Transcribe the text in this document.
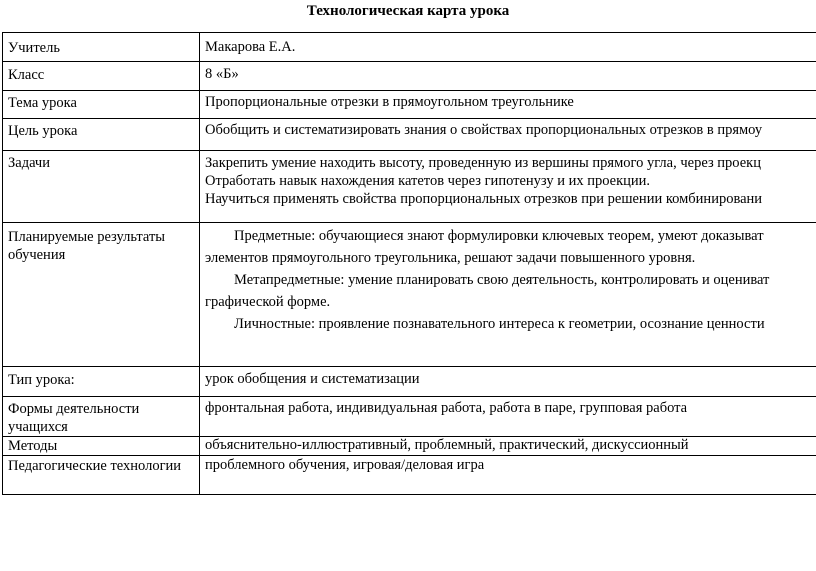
Технологическая карта урока
Учитель	Макарова Е.А.
Класс	8 «Б»
Тема урока	Пропорциональные отрезки в прямоугольном треугольнике
Цель урока	Обобщить и систематизировать знания о свойствах пропорциональных отрезков в прямоу
Задачи	Закрепить умение находить высоту, проведенную из вершины прямого угла, через проекц
Отработать навык нахождения катетов через гипотенузу и их проекции.
Научиться применять свойства пропорциональных отрезков при решении комбинировани

Планируемые результаты обучения	Предметные: обучающиеся знают формулировки ключевых теорем, умеют доказыват
элементов прямоугольного треугольника, решают задачи повышенного уровня.
Метапредметные: умение планировать свою деятельность, контролировать и оцениват
графической форме.
Личностные: проявление познавательного интереса к геометрии, осознание ценности

Тип урока:	урок обобщения и систематизации
Формы деятельности учащихся	фронтальная работа, индивидуальная работа, работа в паре, групповая работа
Методы	объяснительно-иллюстративный, проблемный, практический, дискуссионный
Педагогические технологии	проблемного обучения, игровая/деловая игра
